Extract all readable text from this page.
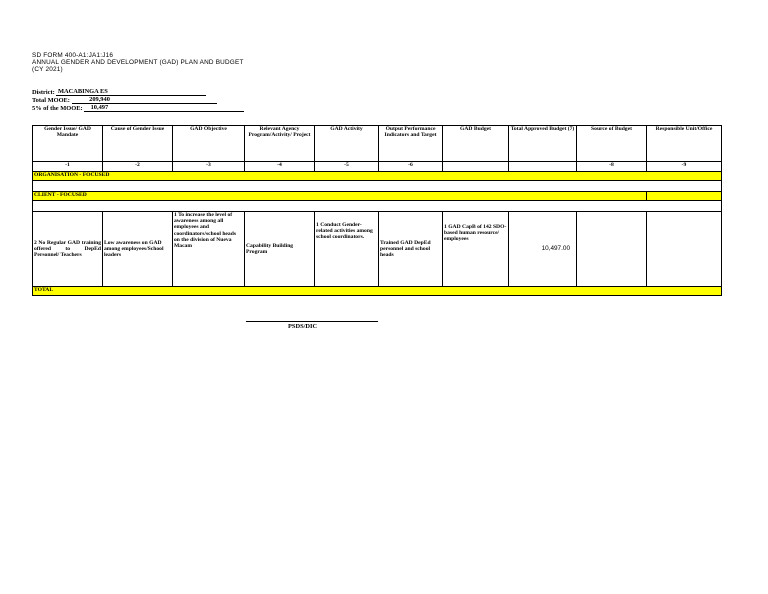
SD FORM 400-A1:JA1:J16
ANNUAL GENDER AND DEVELOPMENT (GAD) PLAN AND BUDGET
(CY 2021)
District: MACABINGA ES
Total MOOE:	209,940
5% of the MOOE: 10,497
Gender Issue/ GAD Mandate	Cause of Gender Issue	GAD Objective	Relevant Agency Program/Activity/ Project	GAD Activity	Output Performance Indicators and Target	GAD Budget	Total Approved Budget (7)	Source of Budget	Responsible Unit/Office
-1	-2	-3	-4	-5	-6			-8	-9
ORGANISATION - FOCUSED									

CLIENT - FOCUSED									

2 No Regular GAD training offered to DepEd Personnel/ Teachers	Low awareness on GAD among employees/School leaders	1 To increase the level of awareness among all employees and coordinators/school heads on the division of Nueva Macam	Capability Building Program	1 Conduct Gender-related activities among school coordinators.	Trained GAD DepEd personnel and school heads	1 GAD CapB of 142 SDO-based human resource/ employees	10,497.00		
TOTAL									
PSDS/DIC
